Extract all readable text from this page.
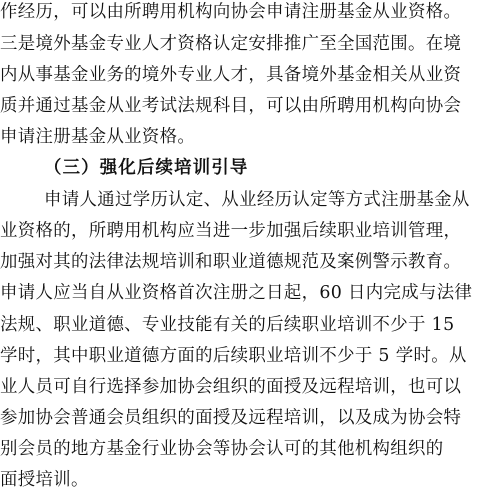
作经历，可以由所聘用机构向协会申请注册基金从业资格。
三是境外基金专业人才资格认定安排推广至全国范围。在境
内从事基金业务的境外专业人才，具备境外基金相关从业资
质并通过基金从业考试法规科目，可以由所聘用机构向协会
申请注册基金从业资格。
（三）强化后续培训引导
申请人通过学历认定、从业经历认定等方式注册基金从
业资格的，所聘用机构应当进一步加强后续职业培训管理，
加强对其的法律法规培训和职业道德规范及案例警示教育。
申请人应当自从业资格首次注册之日起，60 日内完成与法律
法规、职业道德、专业技能有关的后续职业培训不少于 15
学时，其中职业道德方面的后续职业培训不少于 5 学时。从
业人员可自行选择参加协会组织的面授及远程培训，也可以
参加协会普通会员组织的面授及远程培训，以及成为协会特
别会员的地方基金行业协会等协会认可的其他机构组织的
面授培训。
